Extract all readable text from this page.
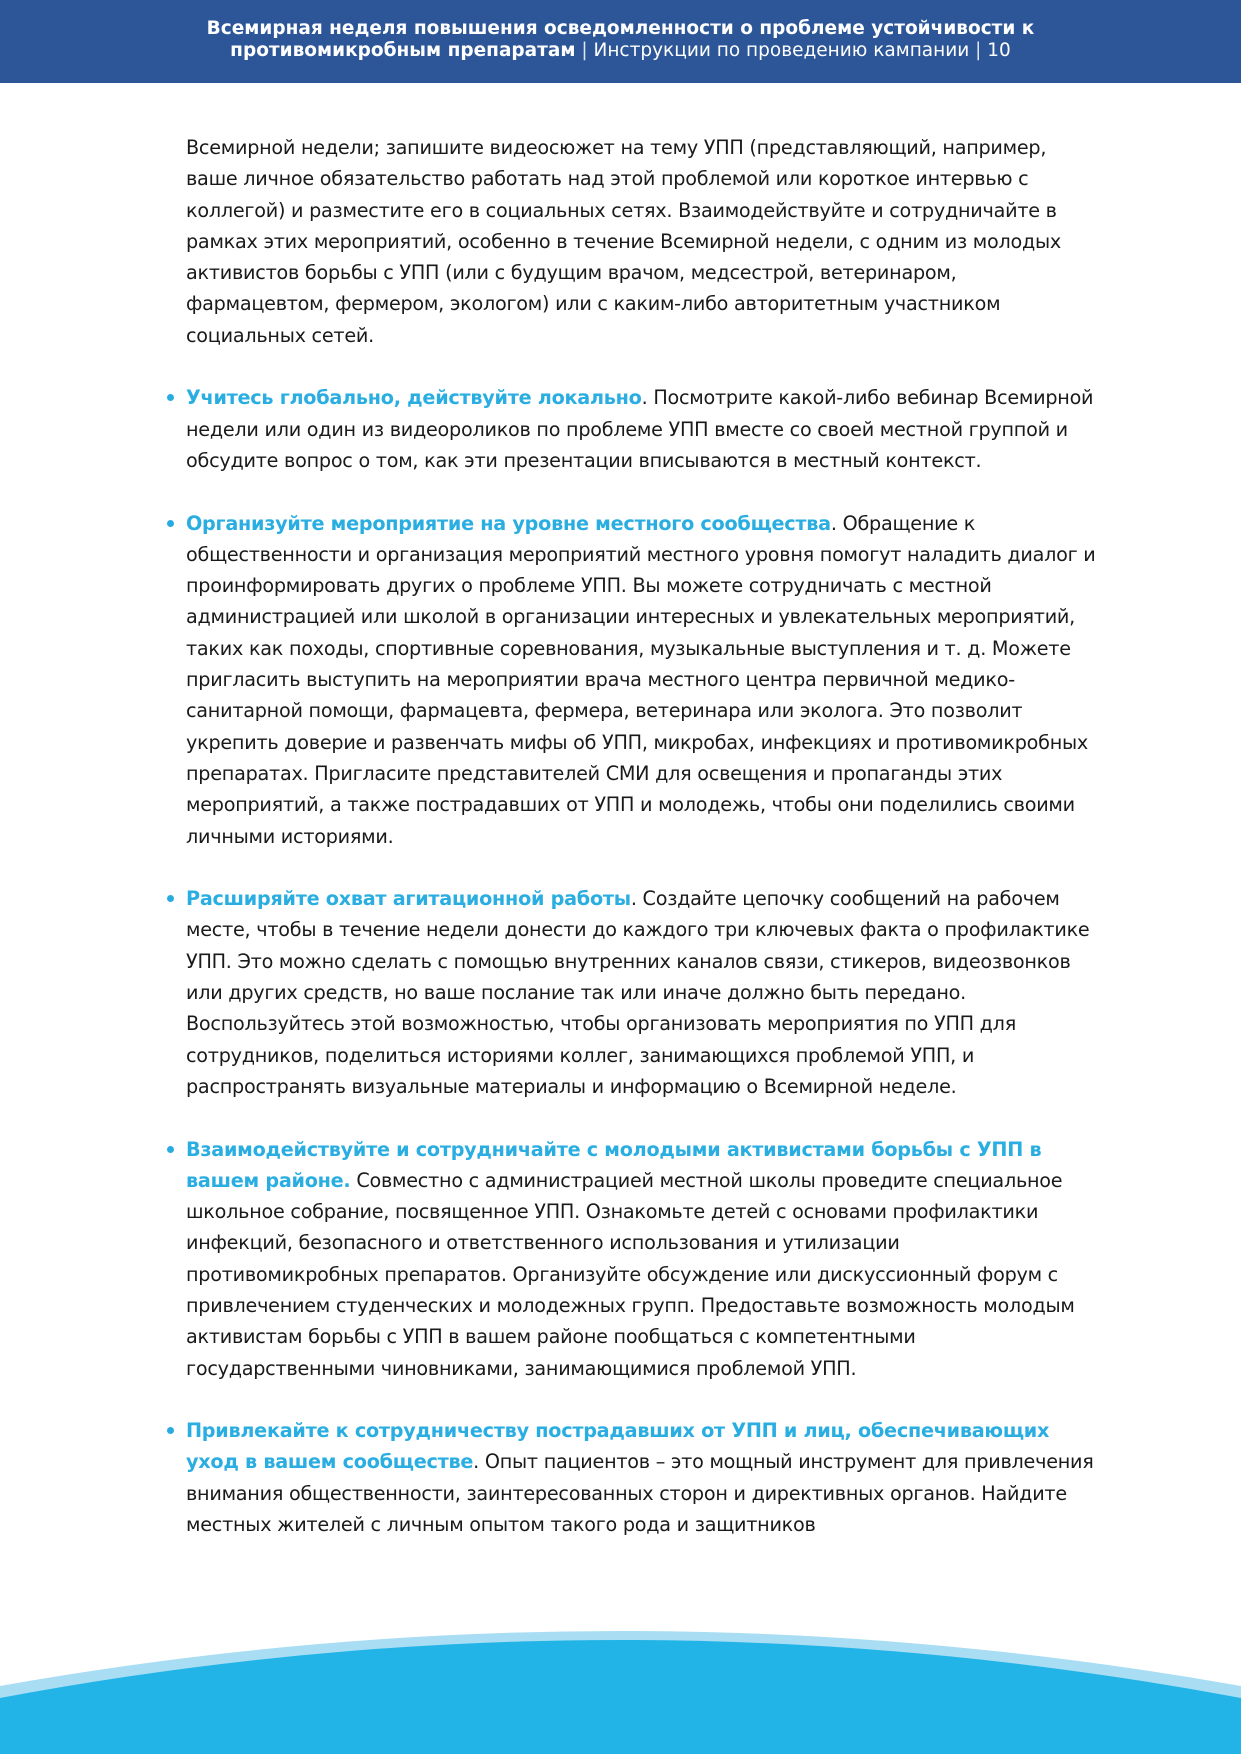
Всемирная неделя повышения осведомленности о проблеме устойчивости к
противомикробным препаратам | Инструкции по проведению кампании | 10

Всемирной недели; запишите видеосюжет на тему УПП (представляющий, например, ваше личное обязательство работать над этой проблемой или короткое интервью с коллегой) и разместите его в социальных сетях. Взаимодействуйте и сотрудничайте в рамках этих мероприятий, особенно в течение Всемирной недели, с одним из молодых активистов борьбы с УПП (или с будущим врачом, медсестрой, ветеринаром, фармацевтом, фермером, экологом) или с каким-либо авторитетным участником социальных сетей.

Учитесь глобально, действуйте локально. Посмотрите какой-либо вебинар Всемирной недели или один из видеороликов по проблеме УПП вместе со своей местной группой и обсудите вопрос о том, как эти презентации вписываются в местный контекст.
Организуйте мероприятие на уровне местного сообщества. Обращение к общественности и организация мероприятий местного уровня помогут наладить диалог и проинформировать других о проблеме УПП. Вы можете сотрудничать с местной администрацией или школой в организации интересных и увлекательных мероприятий, таких как походы, спортивные соревнования, музыкальные выступления и т. д. Можете пригласить выступить на мероприятии врача местного центра первичной медико-санитарной помощи, фармацевта, фермера, ветеринара или эколога. Это позволит укрепить доверие и развенчать мифы об УПП, микробах, инфекциях и противомикробных препаратах. Пригласите представителей СМИ для освещения и пропаганды этих мероприятий, а также пострадавших от УПП и молодежь, чтобы они поделились своими личными историями.
Расширяйте охват агитационной работы. Создайте цепочку сообщений на рабочем месте, чтобы в течение недели донести до каждого три ключевых факта о профилактике УПП. Это можно сделать с помощью внутренних каналов связи, стикеров, видеозвонков или других средств, но ваше послание так или иначе должно быть передано. Воспользуйтесь этой возможностью, чтобы организовать мероприятия по УПП для сотрудников, поделиться историями коллег, занимающихся проблемой УПП, и распространять визуальные материалы и информацию о Всемирной неделе.
Взаимодействуйте и сотрудничайте с молодыми активистами борьбы с УПП в вашем районе. Совместно с администрацией местной школы проведите специальное школьное собрание, посвященное УПП. Ознакомьте детей с основами профилактики инфекций, безопасного и ответственного использования и утилизации противомикробных препаратов. Организуйте обсуждение или дискуссионный форум с привлечением студенческих и молодежных групп. Предоставьте возможность молодым активистам борьбы с УПП в вашем районе пообщаться с компетентными государственными чиновниками, занимающимися проблемой УПП.
Привлекайте к сотрудничеству пострадавших от УПП и лиц, обеспечивающих уход в вашем сообществе. Опыт пациентов – это мощный инструмент для привлечения внимания общественности, заинтересованных сторон и директивных органов. Найдите местных жителей с личным опытом такого рода и защитников
